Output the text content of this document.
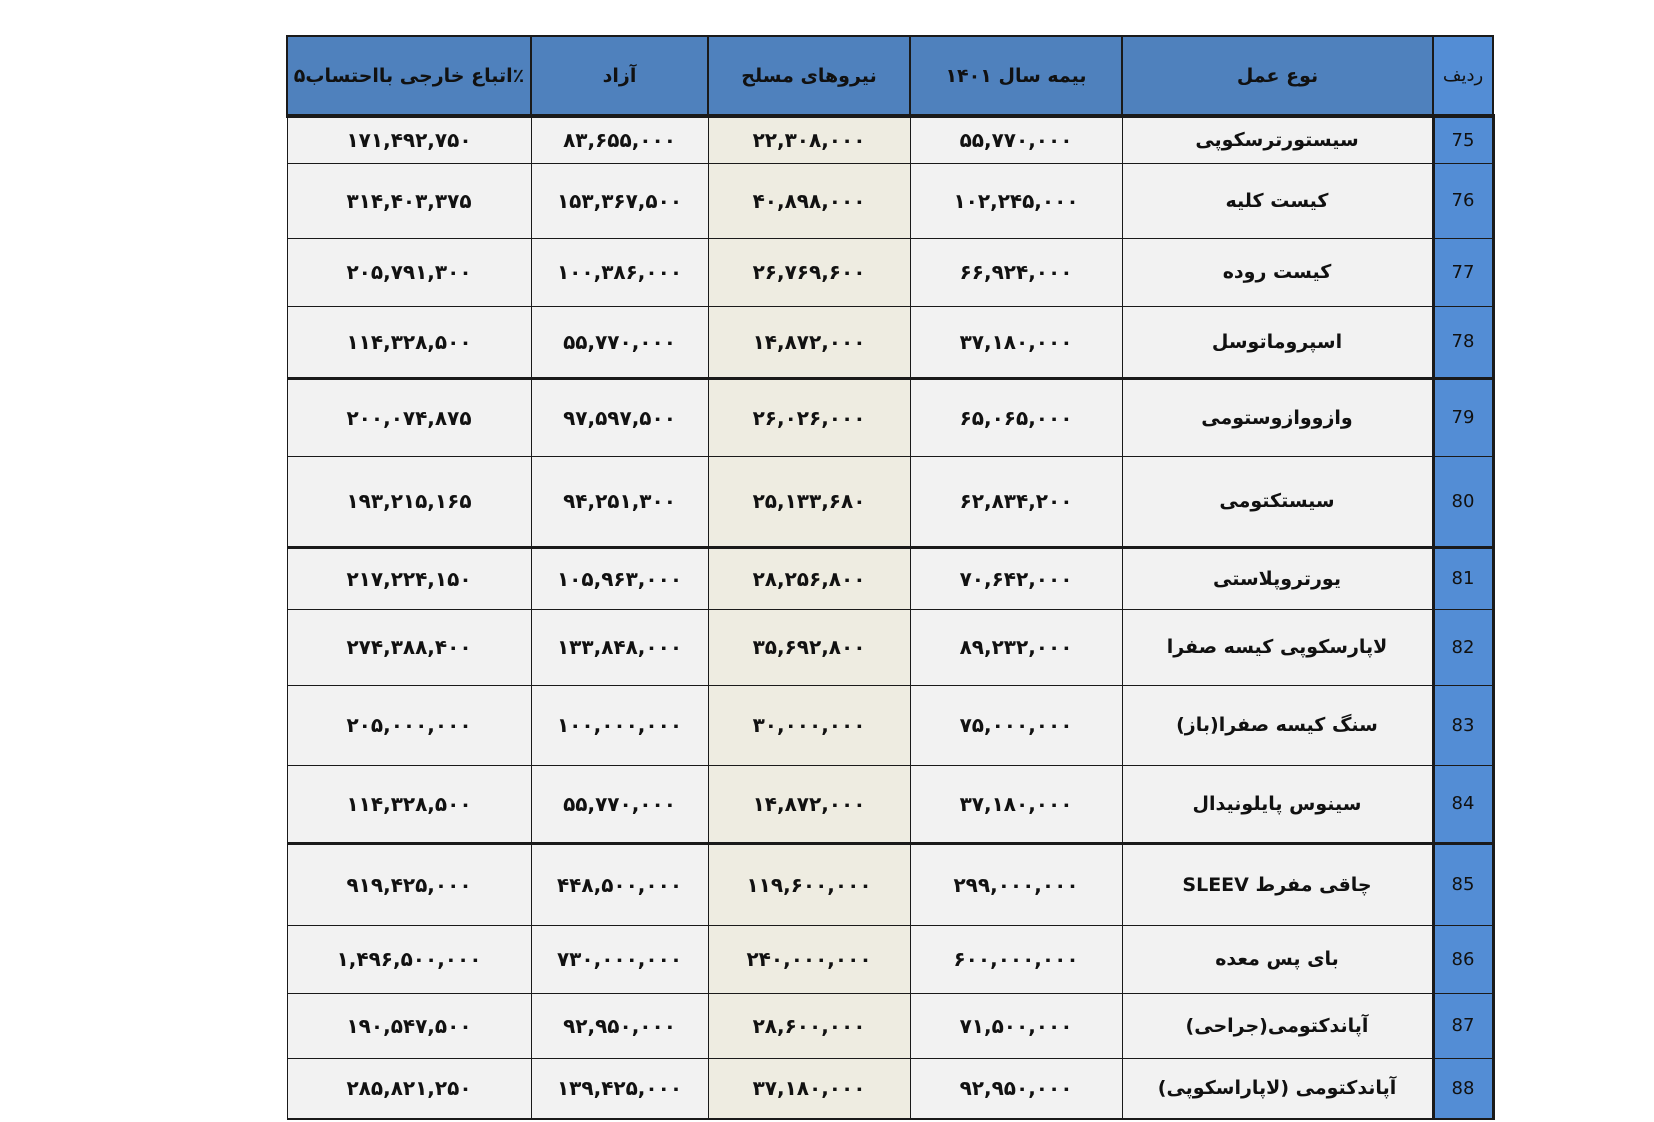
اتباع خارجی بااحتساب۵٪	آزاد	نیروهای مسلح	بیمه سال ۱۴۰۱	نوع عمل	ردیف
۱۷۱,۴۹۲,۷۵۰	۸۳,۶۵۵,۰۰۰	۲۲,۳۰۸,۰۰۰	۵۵,۷۷۰,۰۰۰	سیستورترسکوپی	75
۳۱۴,۴۰۳,۳۷۵	۱۵۳,۳۶۷,۵۰۰	۴۰,۸۹۸,۰۰۰	۱۰۲,۲۴۵,۰۰۰	کیست کلیه	76
۲۰۵,۷۹۱,۳۰۰	۱۰۰,۳۸۶,۰۰۰	۲۶,۷۶۹,۶۰۰	۶۶,۹۲۴,۰۰۰	کیست روده	77
۱۱۴,۳۲۸,۵۰۰	۵۵,۷۷۰,۰۰۰	۱۴,۸۷۲,۰۰۰	۳۷,۱۸۰,۰۰۰	اسپروماتوسل	78
۲۰۰,۰۷۴,۸۷۵	۹۷,۵۹۷,۵۰۰	۲۶,۰۲۶,۰۰۰	۶۵,۰۶۵,۰۰۰	وازووازوستومی	79
۱۹۳,۲۱۵,۱۶۵	۹۴,۲۵۱,۳۰۰	۲۵,۱۳۳,۶۸۰	۶۲,۸۳۴,۲۰۰	سیستکتومی	80
۲۱۷,۲۲۴,۱۵۰	۱۰۵,۹۶۳,۰۰۰	۲۸,۲۵۶,۸۰۰	۷۰,۶۴۲,۰۰۰	یورتروپلاستی	81
۲۷۴,۳۸۸,۴۰۰	۱۳۳,۸۴۸,۰۰۰	۳۵,۶۹۲,۸۰۰	۸۹,۲۳۲,۰۰۰	لاپارسکوپی کیسه صفرا	82
۲۰۵,۰۰۰,۰۰۰	۱۰۰,۰۰۰,۰۰۰	۳۰,۰۰۰,۰۰۰	۷۵,۰۰۰,۰۰۰	سنگ کیسه صفرا(باز)	83
۱۱۴,۳۲۸,۵۰۰	۵۵,۷۷۰,۰۰۰	۱۴,۸۷۲,۰۰۰	۳۷,۱۸۰,۰۰۰	سینوس پایلونیدال	84
۹۱۹,۴۲۵,۰۰۰	۴۴۸,۵۰۰,۰۰۰	۱۱۹,۶۰۰,۰۰۰	۲۹۹,۰۰۰,۰۰۰	چاقی مفرط SLEEV	85
۱,۴۹۶,۵۰۰,۰۰۰	۷۳۰,۰۰۰,۰۰۰	۲۴۰,۰۰۰,۰۰۰	۶۰۰,۰۰۰,۰۰۰	بای پس معده	86
۱۹۰,۵۴۷,۵۰۰	۹۲,۹۵۰,۰۰۰	۲۸,۶۰۰,۰۰۰	۷۱,۵۰۰,۰۰۰	آپاندکتومی(جراحی)	87
۲۸۵,۸۲۱,۲۵۰	۱۳۹,۴۲۵,۰۰۰	۳۷,۱۸۰,۰۰۰	۹۲,۹۵۰,۰۰۰	آپاندکتومی (لاپاراسکوپی)	88
